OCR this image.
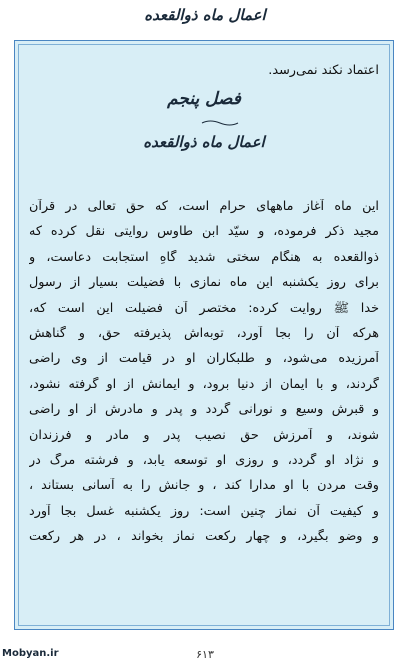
اعمال ماه ذوالقعده
اعتماد نکند نمی‌رسد.
فصل پنجم
اعمال ماه ذوالقعده
این ماه آغاز ماههای حرام است، که حق تعالی در قرآن
مجید ذکر فرموده، و سیّد ابن طاوس روایتی نقل کرده که
ذوالقعده به هنگام سختی شدید گاهِ استجابت دعاست، و
برای روز یکشنبه این ماه نمازی با فضیلت بسیار از رسول
خدا ﷺ روایت کرده: مختصر آن فضیلت این است که،
هرکه آن را بجا آورد، توبه‌اش پذیرفته حق، و گناهش
آمرزیده می‌شود، و طلبکاران او در قیامت از وی راضی
گردند، و با ایمان از دنیا برود، و ایمانش از او گرفته نشود،
و قبرش وسیع و نورانی گردد و پدر و مادرش از او راضی
شوند، و آمرزش حق نصیب پدر و مادر و فرزندان
و نژاد او گردد، و روزی او توسعه یابد، و فرشته مرگ در
وقت مردن با او مدارا کند ، و جانش را به آسانی بستاند ،
و کیفیت آن نماز چنین است: روز یکشنبه غسل بجا آورد
و وضو بگیرد، و چهار رکعت نماز بخواند ، در هر رکعت
Mobyan.ir	۶۱۳
